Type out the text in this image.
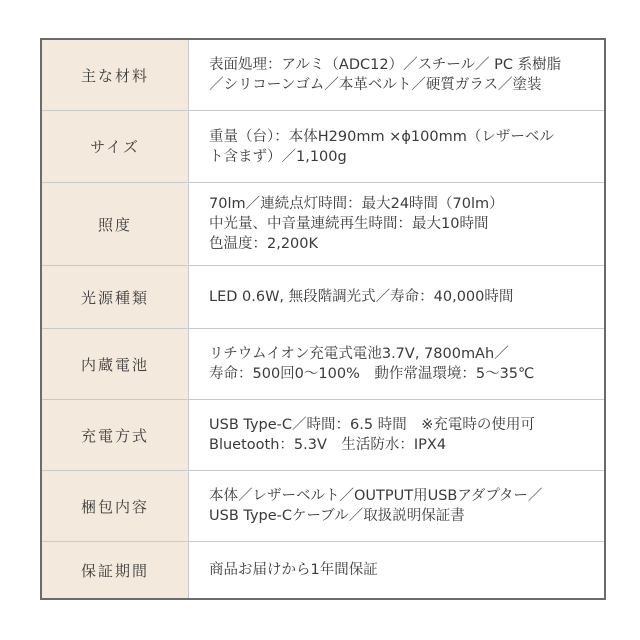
主な材料
表面処理：アルミ（ADC12）／スチール／ PC 系樹脂
／シリコーンゴム／本革ベルト／硬質ガラス／塗装
サイズ
重量（台）：本体H290mm ×ϕ100mm（レザーベル
ト含まず）／1,100g
照度
70lm／連続点灯時間：最大24時間（70lm）
中光量、中音量連続再生時間：最大10時間
色温度：2,200K
光源種類	LED 0.6W, 無段階調光式／寿命：40,000時間
内蔵電池
リチウムイオン充電式電池3.7V, 7800mAh／
寿命：500回0～100%　動作常温環境：5～35℃
充電方式
USB Type-C／時間：6.5 時間　※充電時の使用可
Bluetooth：5.3V　生活防水：IPX4
梱包内容
本体／レザーベルト／OUTPUT用USBアダプター／
USB Type-Cケーブル／取扱説明保証書
保証期間	商品お届けから1年間保証
